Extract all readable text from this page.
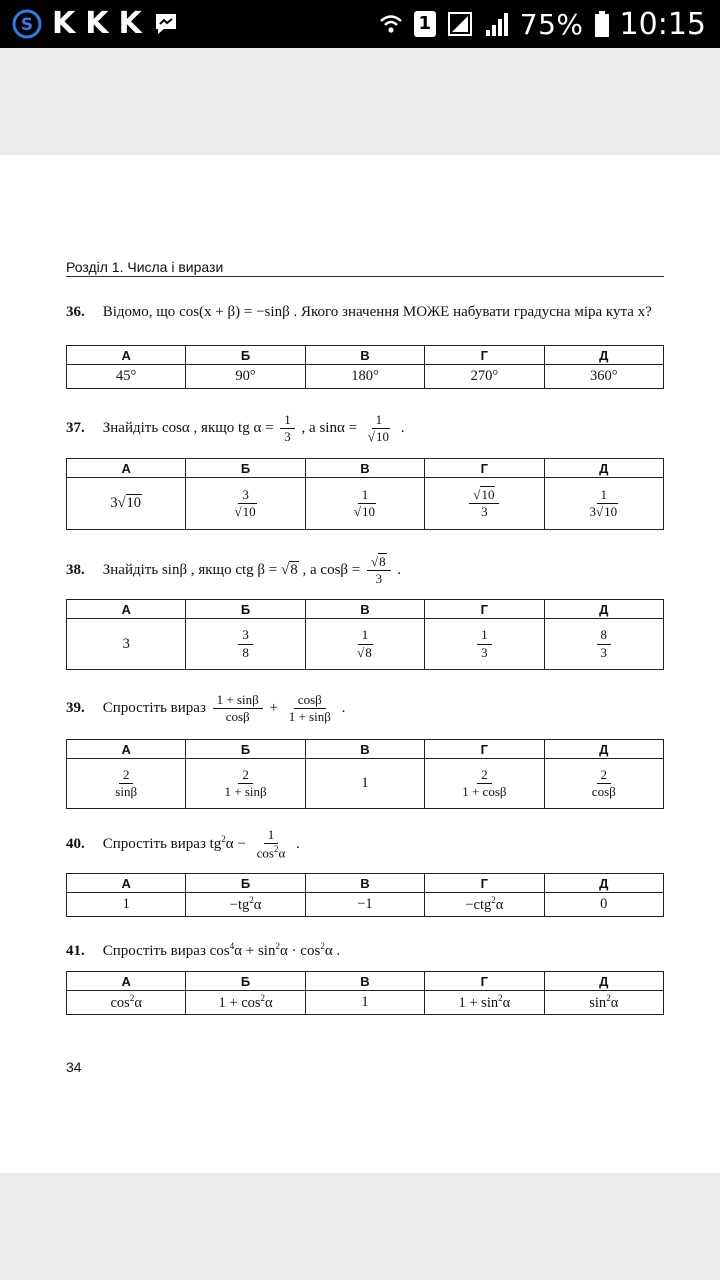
S K K K	1	75% 10:15
Розділ 1. Числа і вирази
36. Відомо, що cos(x + β) = −sinβ . Якого значення МОЖЕ набувати градусна міра кута x?
А	Б	В	Г	Д
45°	90°	180°	270°	360°
37. Знайдіть cosα , якщо tg $\alpha = \frac{1}{3}$ , а $\sin\alpha = \frac{1}{√10}$ .
А	Б	В	Г	Д
3√10	$\frac{3}{√10}$	$\frac{1}{√10}$	$\frac{√10}{3}$	$\frac{1}{3√10}$
38. Знайдіть sinβ , якщо ctg β = √8 , а $\cos\beta = \frac{√8}{3}$ .
А	Б	В	Г	Д
3	$\frac{3}{8}$	$\frac{1}{√8}$	$\frac{1}{3}$	$\frac{8}{3}$
39. Спростіть вираз $\frac{1 + \sin\beta}{\cos\beta} + \frac{\cos\beta}{1 + \sin\beta}$ .
А	Б	В	Г	Д

$\frac{2}{\sin\beta}$	$\frac{2}{1 + \sin\beta}$	1	$\frac{2}{1 + \cos\beta}$	$\frac{2}{\cos\beta}$
40. Спростіть вираз $tg^2\alpha - \frac{1}{\cos^2\alpha}$ .
А	Б	В	Г	Д
1	$-tg^2\alpha$	−1	−ctg$^2$α	0
41. Спростіть вираз $\cos^4\alpha + \sin^2\alpha \cdot \cos^2\alpha$ .
А	Б	В	Г	Д
$\cos^2\alpha$	$1 + \cos^2\alpha$	1	$1 + \sin^2\alpha$	$\sin^2\alpha$
34
